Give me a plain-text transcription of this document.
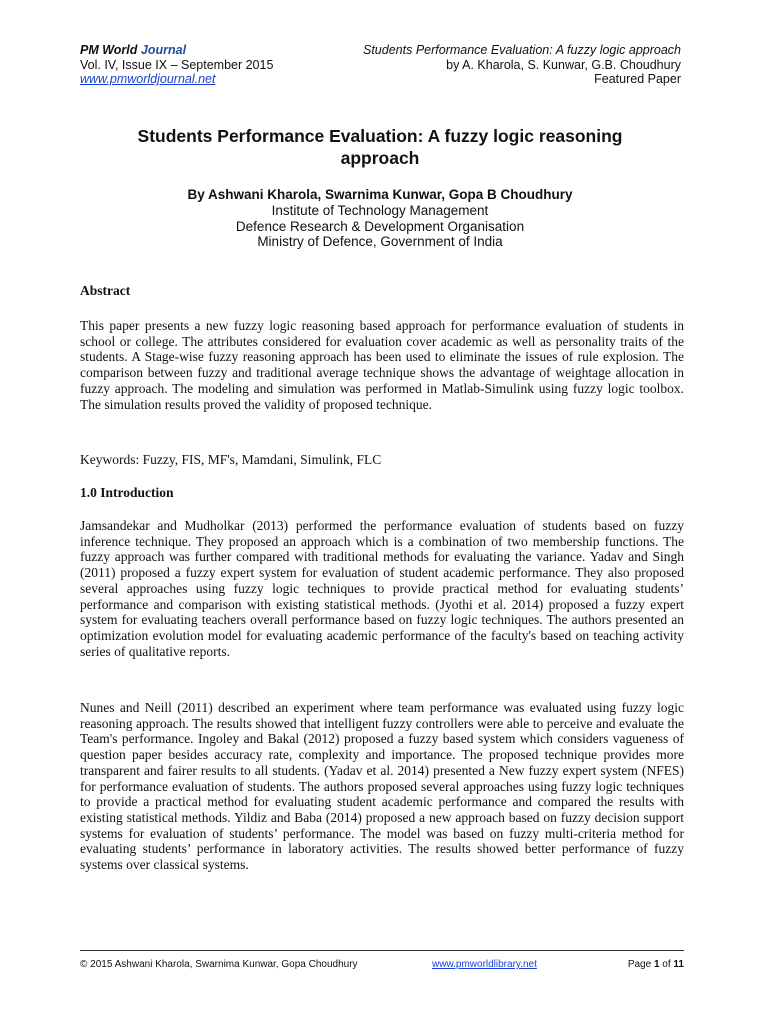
PM World Journal
Vol. IV, Issue IX – September 2015
www.pmworldjournal.net
Students Performance Evaluation: A fuzzy logic approach
by A. Kharola, S. Kunwar, G.B. Choudhury
Featured Paper
Students Performance Evaluation: A fuzzy logic reasoning
approach
By Ashwani Kharola, Swarnima Kunwar, Gopa B Choudhury
Institute of Technology Management
Defence Research & Development Organisation
Ministry of Defence, Government of India
Abstract
This paper presents a new fuzzy logic reasoning based approach for performance evaluation of students in school or college. The attributes considered for evaluation cover academic as well as personality traits of the students. A Stage-wise fuzzy reasoning approach has been used to eliminate the issues of rule explosion. The comparison between fuzzy and traditional average technique shows the advantage of weightage allocation in fuzzy approach. The modeling and simulation was performed in Matlab-Simulink using fuzzy logic toolbox. The simulation results proved the validity of proposed technique.
Keywords: Fuzzy, FIS, MF's, Mamdani, Simulink, FLC
1.0 Introduction
Jamsandekar and Mudholkar (2013) performed the performance evaluation of students based on fuzzy inference technique. They proposed an approach which is a combination of two membership functions. The fuzzy approach was further compared with traditional methods for evaluating the variance. Yadav and Singh (2011) proposed a fuzzy expert system for evaluation of student academic performance. They also proposed several approaches using fuzzy logic techniques to provide practical method for evaluating students’ performance and comparison with existing statistical methods. (Jyothi et al. 2014) proposed a fuzzy expert system for evaluating teachers overall performance based on fuzzy logic techniques. The authors presented an optimization evolution model for evaluating academic performance of the faculty's based on teaching activity series of qualitative reports.
Nunes and Neill (2011) described an experiment where team performance was evaluated using fuzzy logic reasoning approach. The results showed that intelligent fuzzy controllers were able to perceive and evaluate the Team's performance. Ingoley and Bakal (2012) proposed a fuzzy based system which considers vagueness of question paper besides accuracy rate, complexity and importance. The proposed technique provides more transparent and fairer results to all students. (Yadav et al. 2014) presented a New fuzzy expert system (NFES) for performance evaluation of students. The authors proposed several approaches using fuzzy logic techniques to provide a practical method for evaluating student academic performance and compared the results with existing statistical methods. Yildiz and Baba (2014) proposed a new approach based on fuzzy decision support systems for evaluation of students’ performance. The model was based on fuzzy multi-criteria method for evaluating students’ performance in laboratory activities. The results showed better performance of fuzzy systems over classical systems.
© 2015 Ashwani Kharola, Swarnima Kunwar, Gopa Choudhury	www.pmworldlibrary.net	Page 1 of 11
